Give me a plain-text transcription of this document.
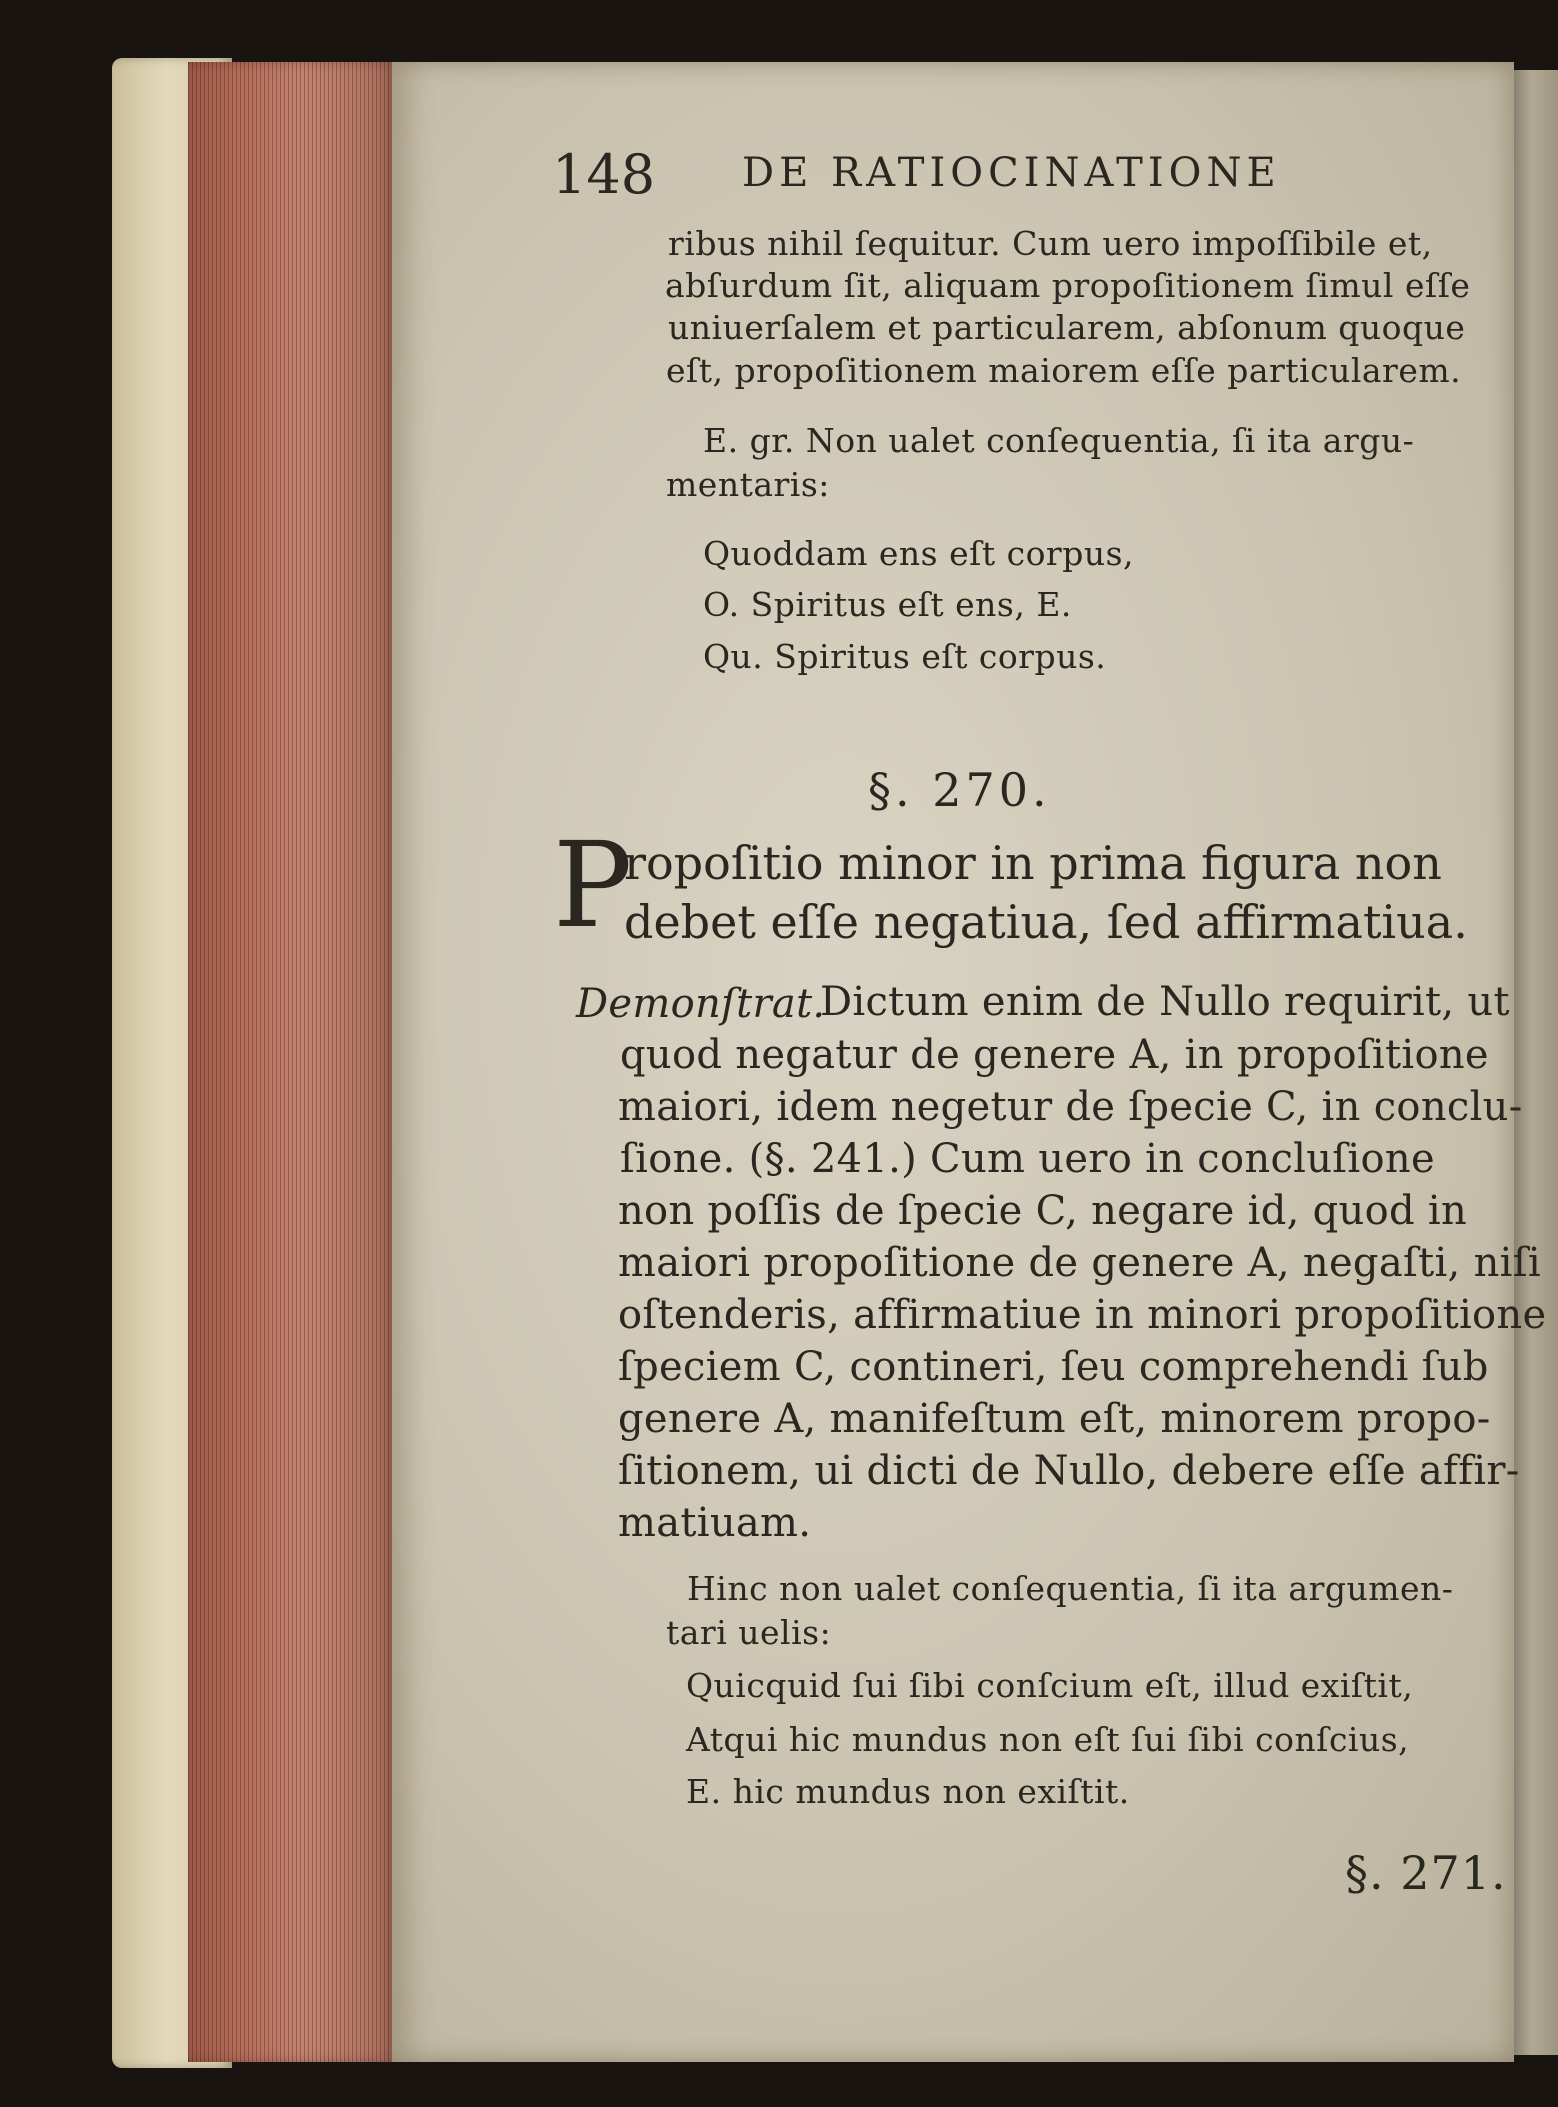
148 DE RATIOCINATIONE
ribus nihil ſequitur. Cum uero impoſſibile et,
abſurdum ſit, aliquam propoſitionem ſimul eſſe
uniuerſalem et particularem, abſonum quoque
eſt, propoſitionem maiorem eſſe particularem.
E. gr. Non ualet conſequentia, ſi ita argu-
mentaris:
Quoddam ens eſt corpus,
O. Spiritus eſt ens, E.
Qu. Spiritus eſt corpus.
§. 270.
P
ropoſitio minor in prima figura non
debet eſſe negatiua, ſed affirmatiua.
Demonſtrat.
Dictum enim de Nullo requirit, ut
quod negatur de genere A, in propoſitione
maiori, idem negetur de ſpecie C, in conclu-
ſione. (§. 241.) Cum uero in concluſione
non poſſis de ſpecie C, negare id, quod in
maiori propoſitione de genere A, negaſti, niſi
oſtenderis, affirmatiue in minori propoſitione
ſpeciem C, contineri, ſeu comprehendi ſub
genere A, manifeſtum eſt, minorem propo-
ſitionem, ui dicti de Nullo, debere eſſe affir-
matiuam.
Hinc non ualet conſequentia, ſi ita argumen-
tari uelis:
Quicquid ſui ſibi conſcium eſt, illud exiſtit,
Atqui hic mundus non eſt ſui ſibi conſcius,
E. hic mundus non exiſtit.
§. 271.
